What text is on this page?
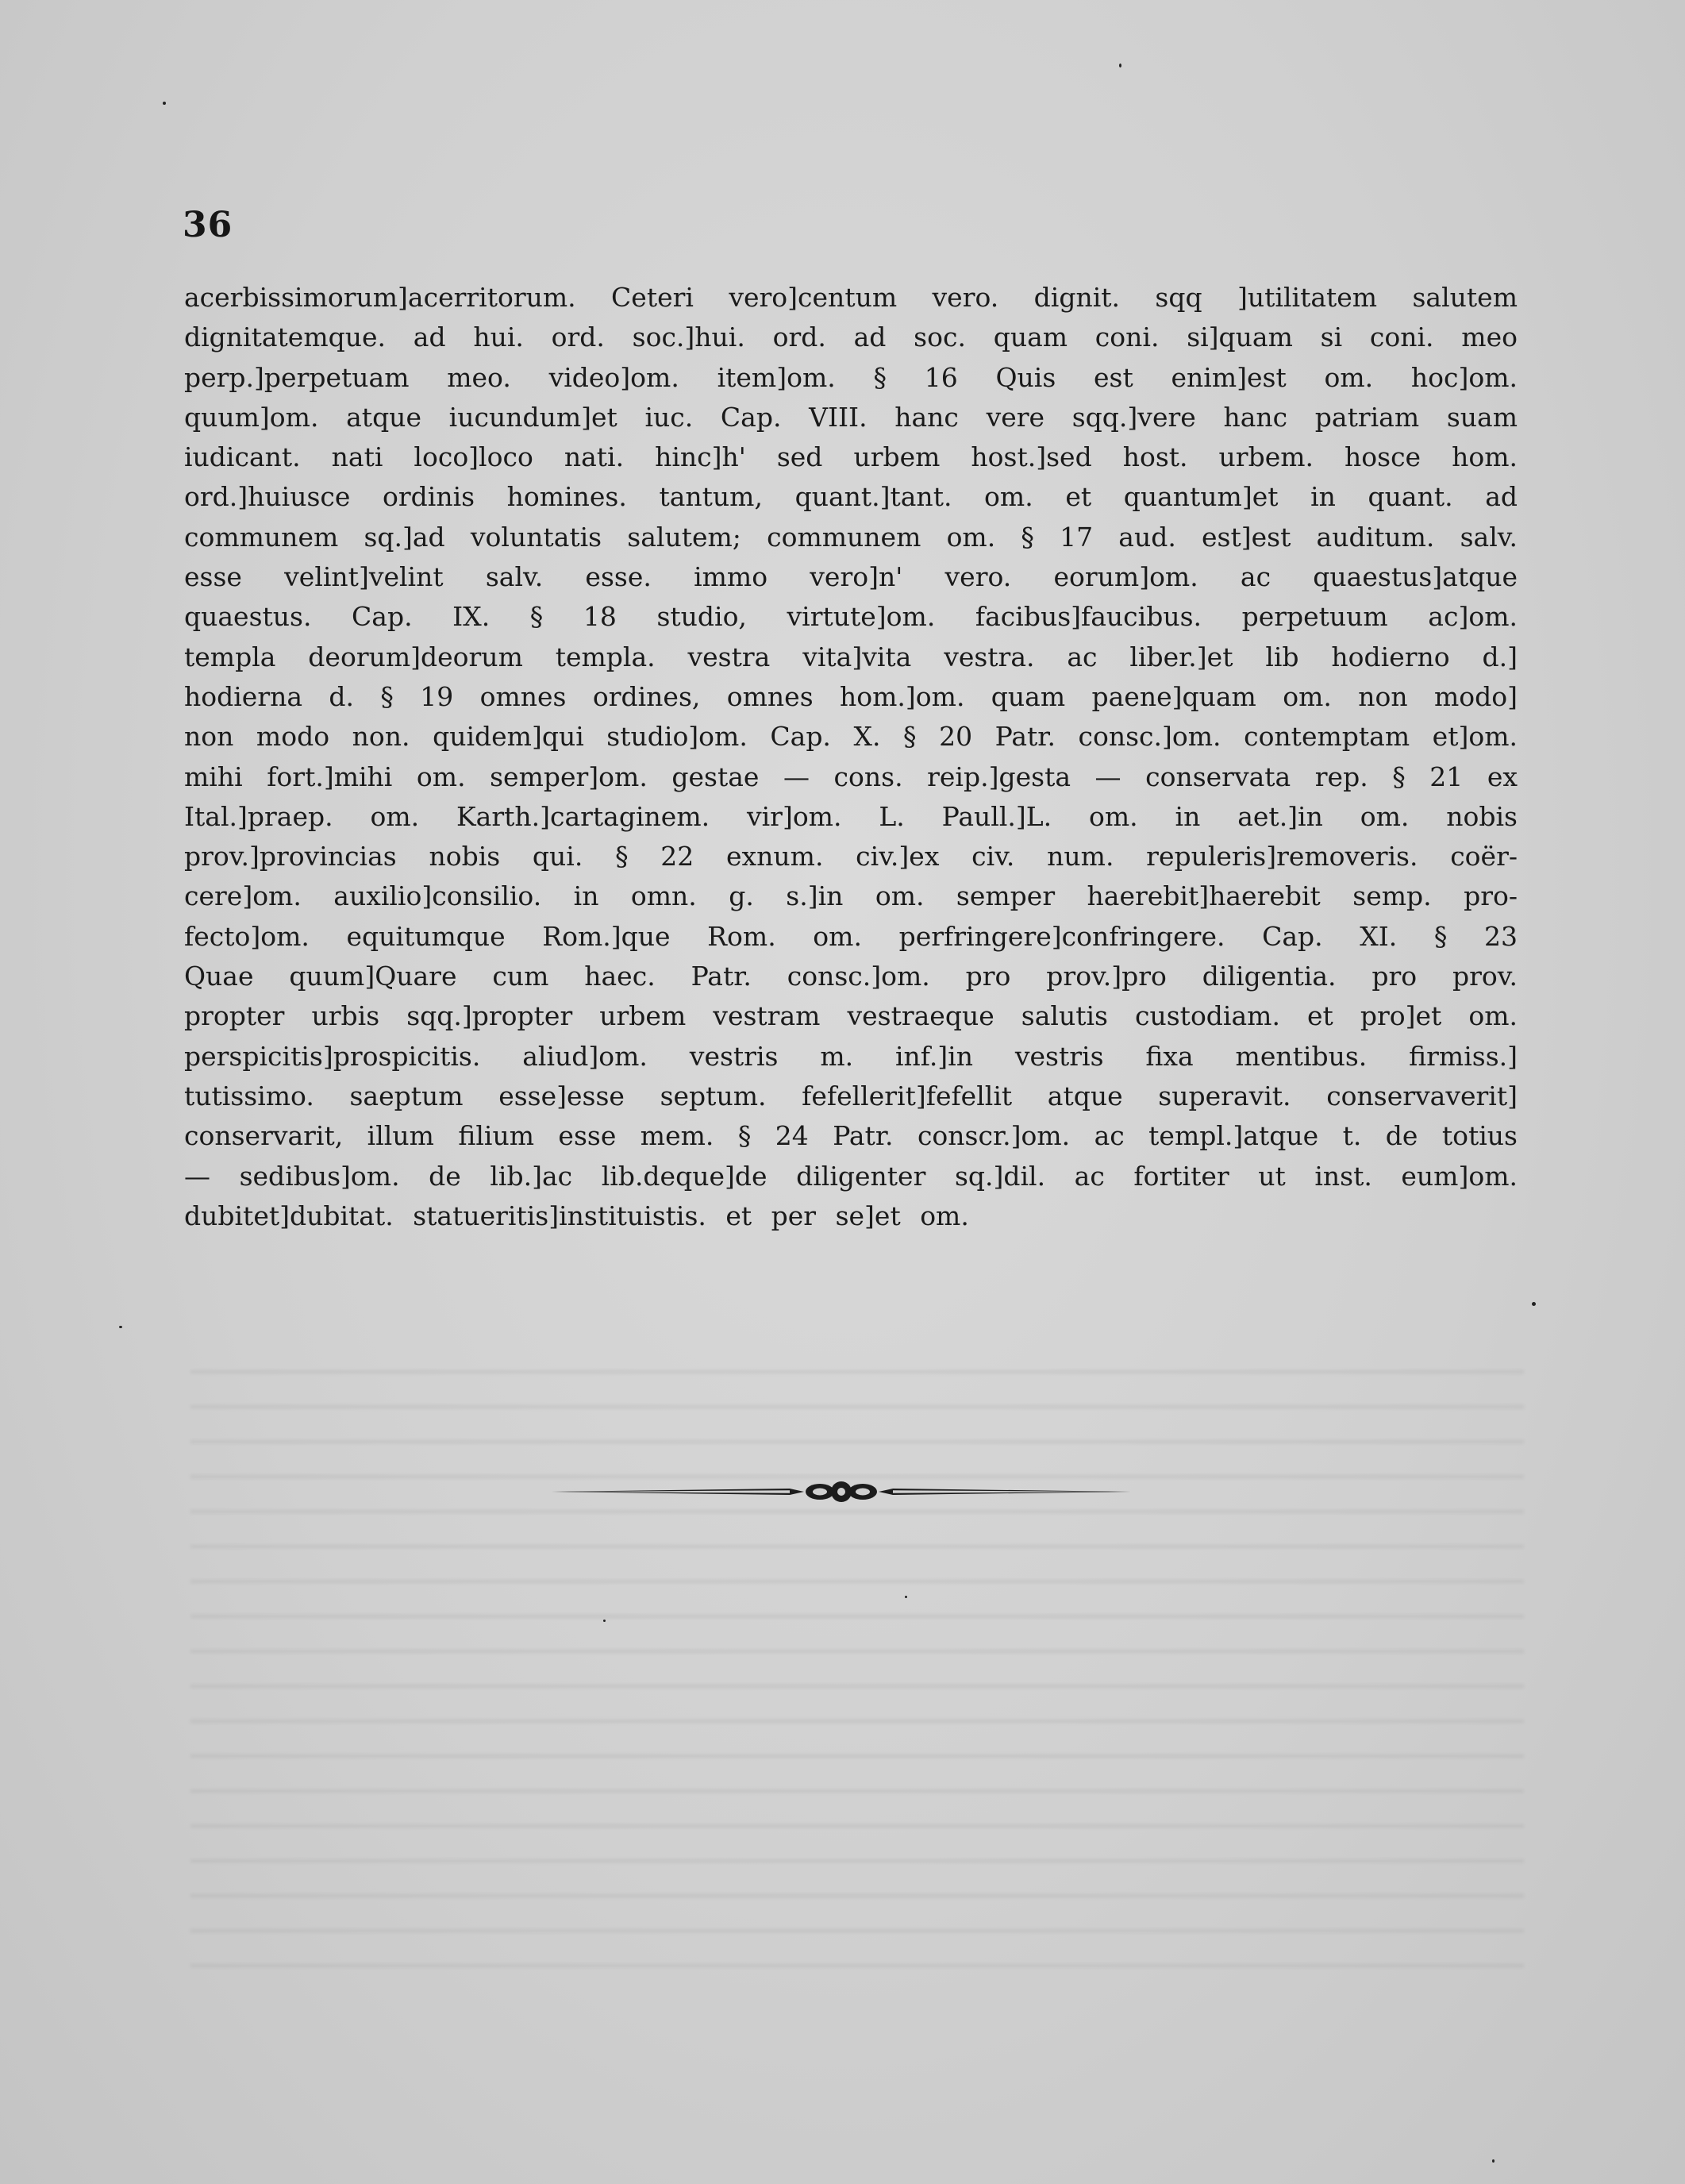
36
acerbissimorum]acerritorum. Ceteri vero]centum vero. dignit. sqq ]utilitatem salutem
dignitatemque. ad hui. ord. soc.]hui. ord. ad soc. quam coni. si]quam si coni. meo
perp.]perpetuam meo. video]om. item]om. § 16 Quis est enim]est om. hoc]om.
quum]om. atque iucundum]et iuc. Cap. VIII. hanc vere sqq.]vere hanc patriam suam
iudicant. nati loco]loco nati. hinc]h' sed urbem host.]sed host. urbem. hosce hom.
ord.]huiusce ordinis homines. tantum, quant.]tant. om. et quantum]et in quant. ad
communem sq.]ad voluntatis salutem; communem om. § 17 aud. est]est auditum. salv.
esse velint]velint salv. esse. immo vero]n' vero. eorum]om. ac quaestus]atque
quaestus. Cap. IX. § 18 studio, virtute]om. facibus]faucibus. perpetuum ac]om.
templa deorum]deorum templa. vestra vita]vita vestra. ac liber.]et lib hodierno d.]
hodierna d. § 19 omnes ordines, omnes hom.]om. quam paene]quam om. non modo]
non modo non. quidem]qui studio]om. Cap. X. § 20 Patr. consc.]om. contemptam et]om.
mihi fort.]mihi om. semper]om. gestae — cons. reip.]gesta — conservata rep. § 21 ex
Ital.]praep. om. Karth.]cartaginem. vir]om. L. Paull.]L. om. in aet.]in om. nobis
prov.]provincias nobis qui. § 22 exnum. civ.]ex civ. num. repuleris]removeris. coër-
cere]om. auxilio]consilio. in omn. g. s.]in om. semper haerebit]haerebit semp. pro-
fecto]om. equitumque Rom.]que Rom. om. perfringere]confringere. Cap. XI. § 23
Quae quum]Quare cum haec. Patr. consc.]om. pro prov.]pro diligentia. pro prov.
propter urbis sqq.]propter urbem vestram vestraeque salutis custodiam. et pro]et om.
perspicitis]prospicitis. aliud]om. vestris m. inf.]in vestris fixa mentibus. firmiss.]
tutissimo. saeptum esse]esse septum. fefellerit]fefellit atque superavit. conservaverit]
conservarit, illum filium esse mem. § 24 Patr. conscr.]om. ac templ.]atque t. de totius
— sedibus]om. de lib.]ac lib.deque]de diligenter sq.]dil. ac fortiter ut inst. eum]om.
dubitet]dubitat. statueritis]instituistis. et per se]et om.
